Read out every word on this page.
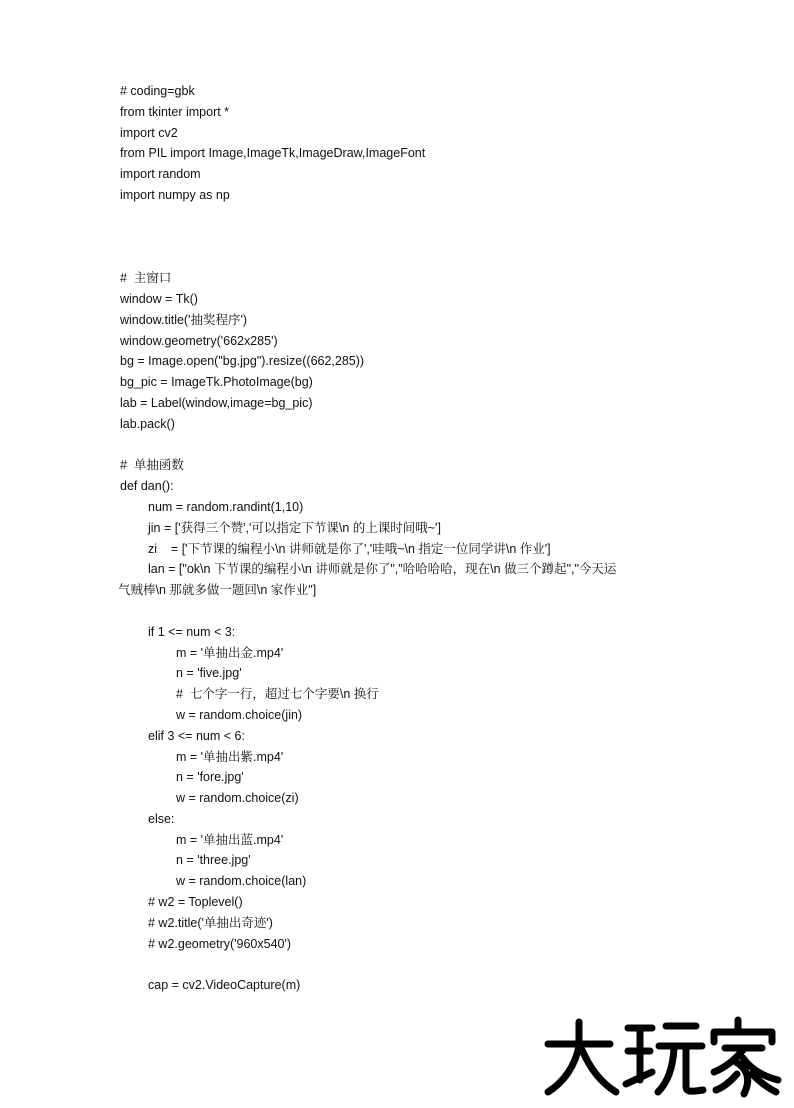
# coding=gbk
from tkinter import *
import cv2
from PIL import Image,ImageTk,ImageDraw,ImageFont
import random
import numpy as np
#  主窗口
window = Tk()
window.title('抽奖程序')
window.geometry('662x285')
bg = Image.open("bg.jpg").resize((662,285))
bg_pic = ImageTk.PhotoImage(bg)
lab = Label(window,image=bg_pic)
lab.pack()
#  单抽函数
def dan():
num = random.randint(1,10)
jin = ['获得三个赞','可以指定下节课\n 的上课时间哦~']
zi    = ['下节课的编程小\n 讲师就是你了','哇哦~\n 指定一位同学讲\n 作业']
lan = ["ok\n 下节课的编程小\n 讲师就是你了","哈哈哈哈，现在\n 做三个蹲起","今天运
气贼棒\n 那就多做一题回\n 家作业"]
if 1 <= num < 3:
m = '单抽出金.mp4'
n = 'five.jpg'
#  七个字一行，超过七个字要\n 换行
w = random.choice(jin)
elif 3 <= num < 6:
m = '单抽出紫.mp4'
n = 'fore.jpg'
w = random.choice(zi)
else:
m = '单抽出蓝.mp4'
n = 'three.jpg'
w = random.choice(lan)
# w2 = Toplevel()
# w2.title('单抽出奇迹')
# w2.geometry('960x540')
cap = cv2.VideoCapture(m)
